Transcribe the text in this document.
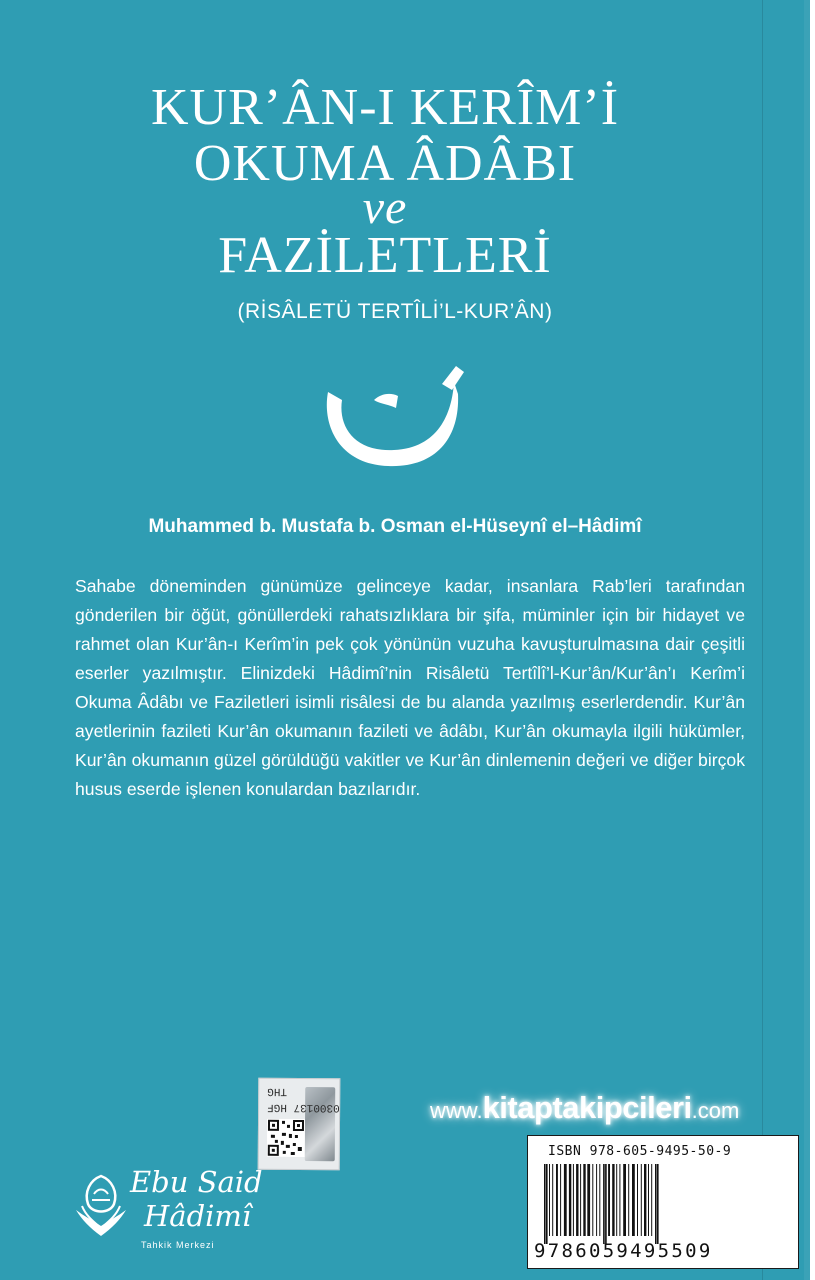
KUR’ÂN-I KERÎM’İ
OKUMA ÂDÂBI
ve
FAZİLETLERİ
(RİSÂLETÜ TERTÎLİ’L-KUR’ÂN)
Muhammed b. Mustafa b. Osman el-Hüseynî el–Hâdimî
Sahabe döneminden günümüze gelinceye kadar, insanlara Rab’leri tarafından gönderilen bir öğüt, gönüllerdeki rahatsızlıklara bir şifa, müminler için bir hidayet ve rahmet olan Kur’ân-ı Kerîm’in pek çok yönünün vuzuha kavuşturulmasına dair çeşitli eserler yazılmıştır. Elinizdeki Hâdimî’nin Risâletü Tertîlî’l-Kur’ân/Kur’ân’ı Kerîm’i Okuma Âdâbı ve Faziletleri isimli risâlesi de bu alanda yazılmış eserlerdendir. Kur’ân ayetlerinin fazileti Kur’ân okumanın fazileti ve âdâbı, Kur’ân okumayla ilgili hükümler, Kur’ân okumanın güzel görüldüğü vakitler ve Kur’ân dinlemenin değeri ve diğer birçok husus eserde işlenen konulardan bazılarıdır.
THG
0300137 HGF	www.kitaptakipcileri.com
ISBN 978-605-9495-50-9
9786059495509
Ebu Said
Hâdimî
Tahkik Merkezi
